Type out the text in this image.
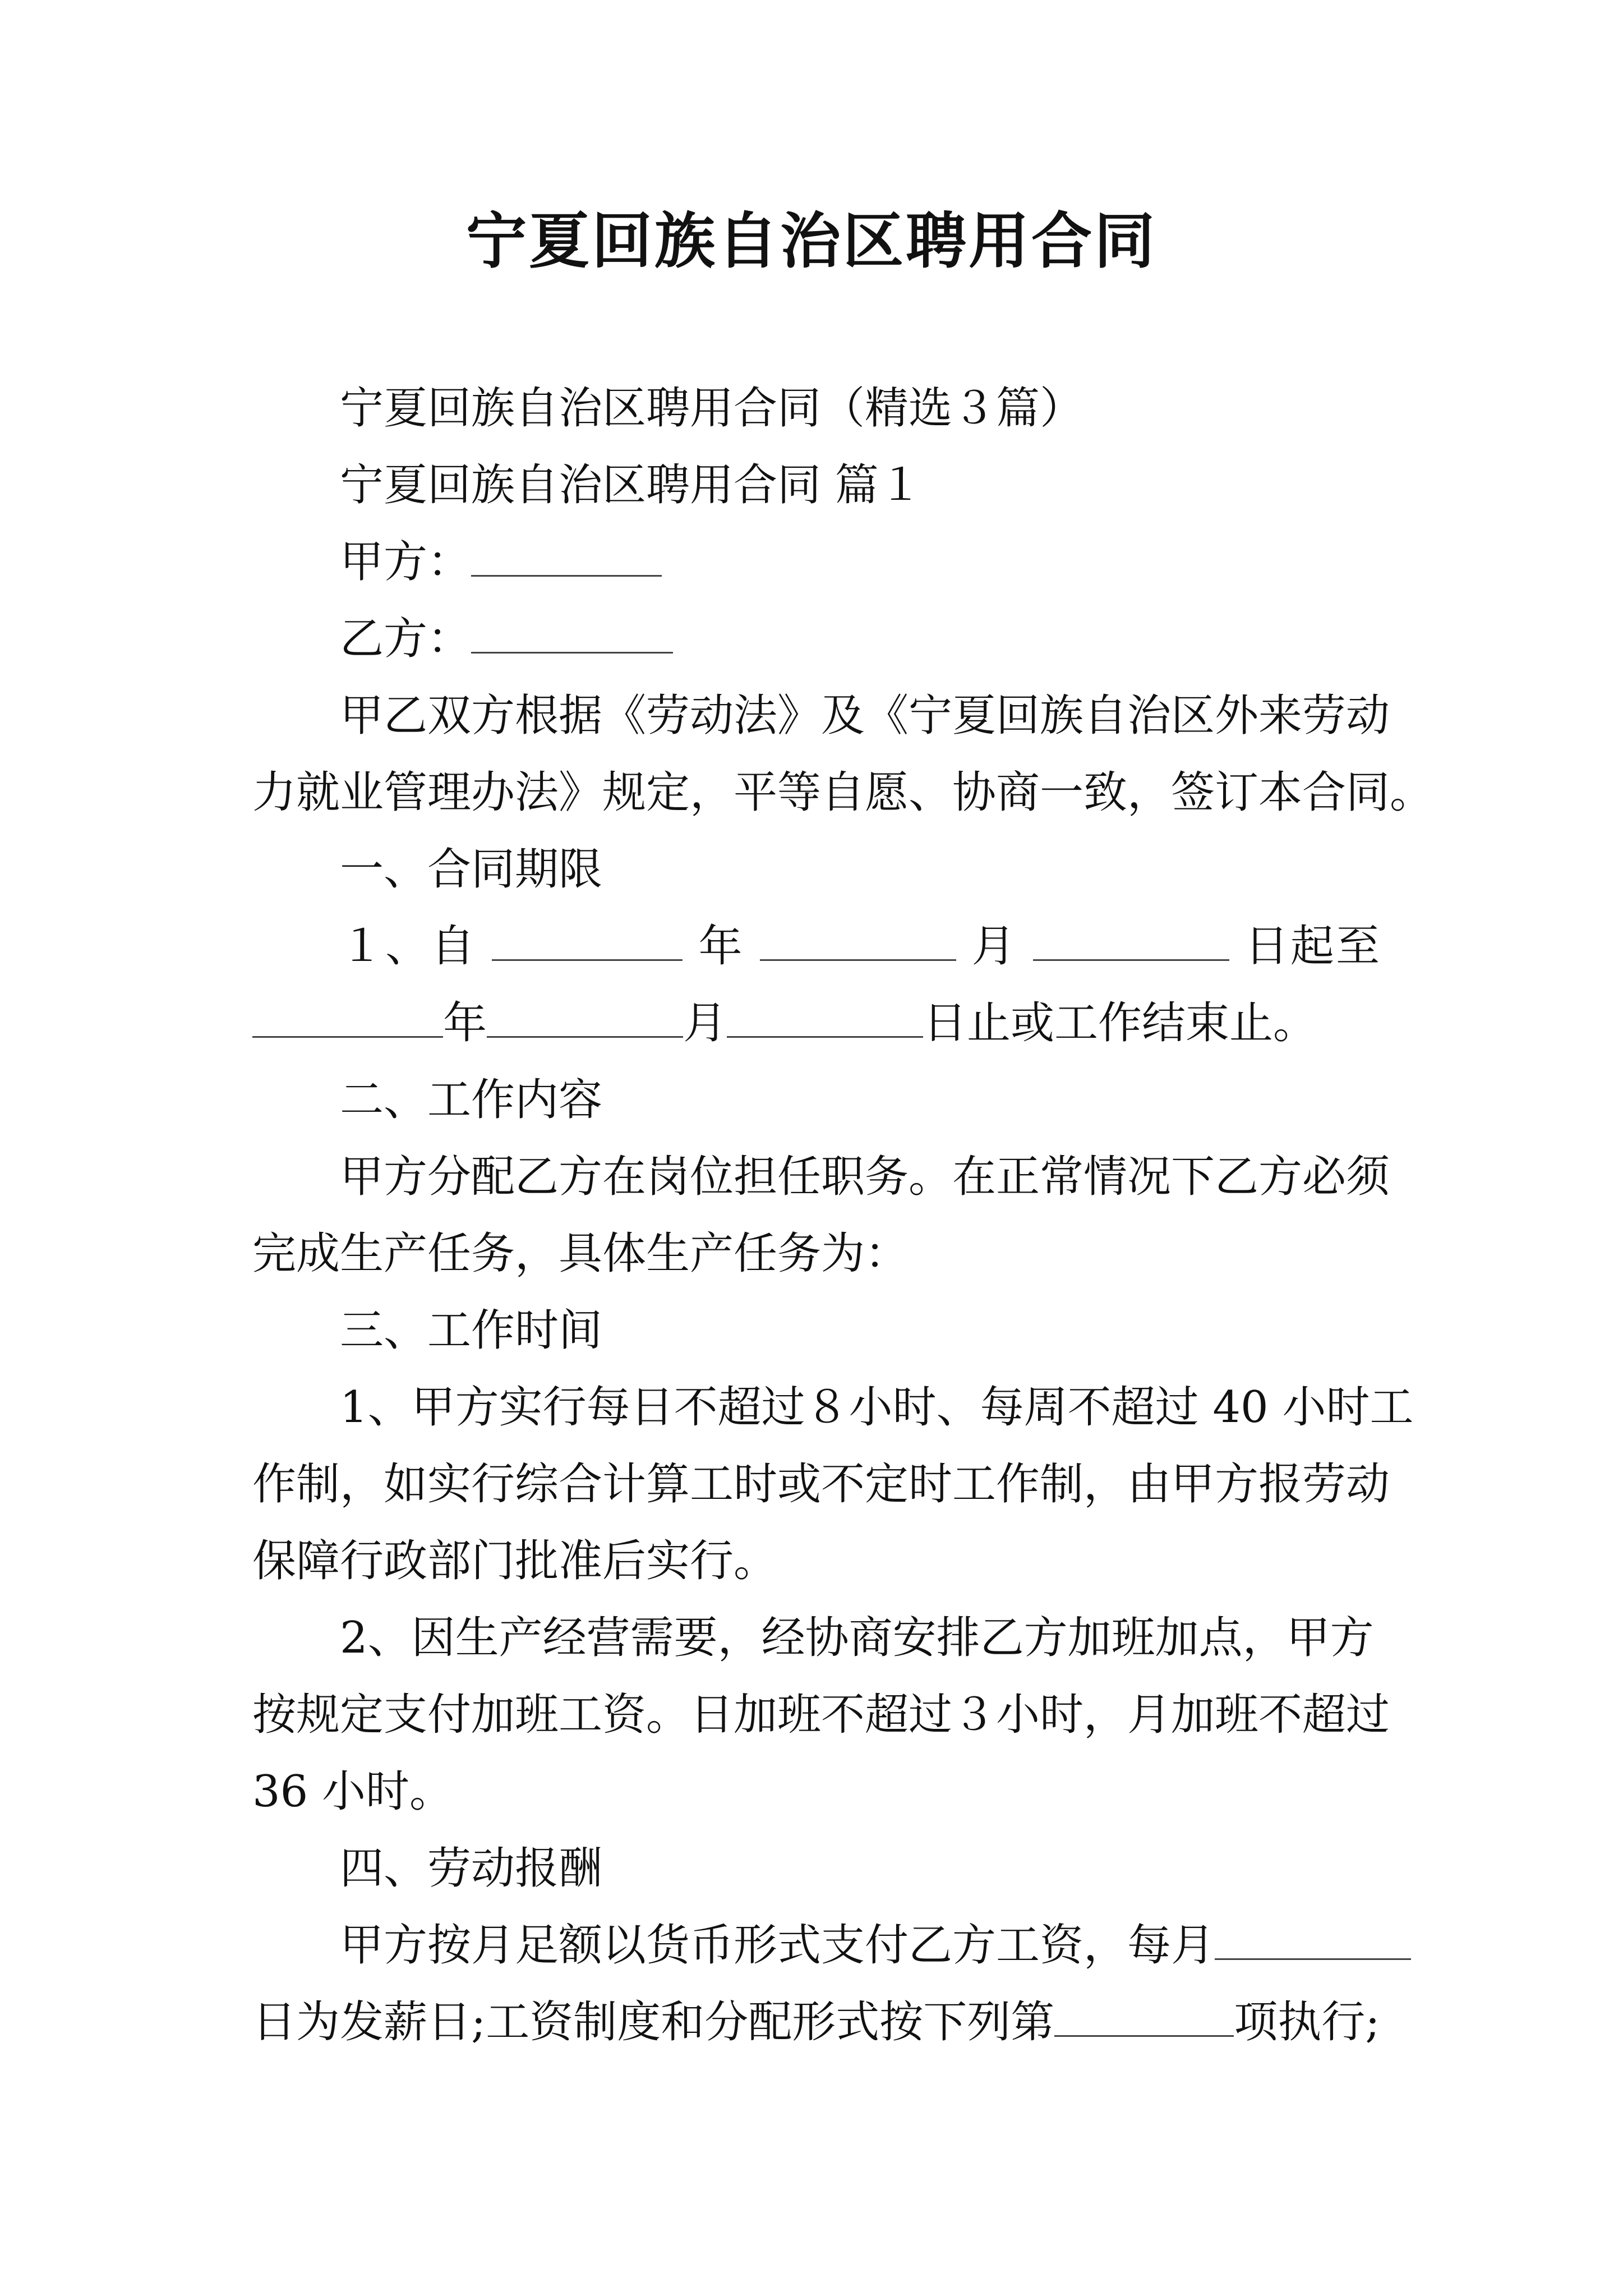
宁夏回族自治区聘用合同

宁夏回族自治区聘用合同（精选３篇）

宁夏回族自治区聘用合同 篇１

甲方：

乙方：

甲乙双方根据《劳动法》及《宁夏回族自治区外来劳动

力就业管理办法》规定，平等自愿、协商一致，签订本合同。

一、合同期限

１、自	年	月	日起至

年	月	日止或工作结束止。

二、工作内容

甲方分配乙方在岗位担任职务。在正常情况下乙方必须

完成生产任务，具体生产任务为：

三、工作时间

1、甲方实行每日不超过８小时、每周不超过 40 小时工

作制，如实行综合计算工时或不定时工作制，由甲方报劳动

保障行政部门批准后实行。

2、因生产经营需要，经协商安排乙方加班加点，甲方

按规定支付加班工资。日加班不超过３小时，月加班不超过

36 小时。

四、劳动报酬

甲方按月足额以货币形式支付乙方工资，每月

日为发薪日;工资制度和分配形式按下列第	项执行;
